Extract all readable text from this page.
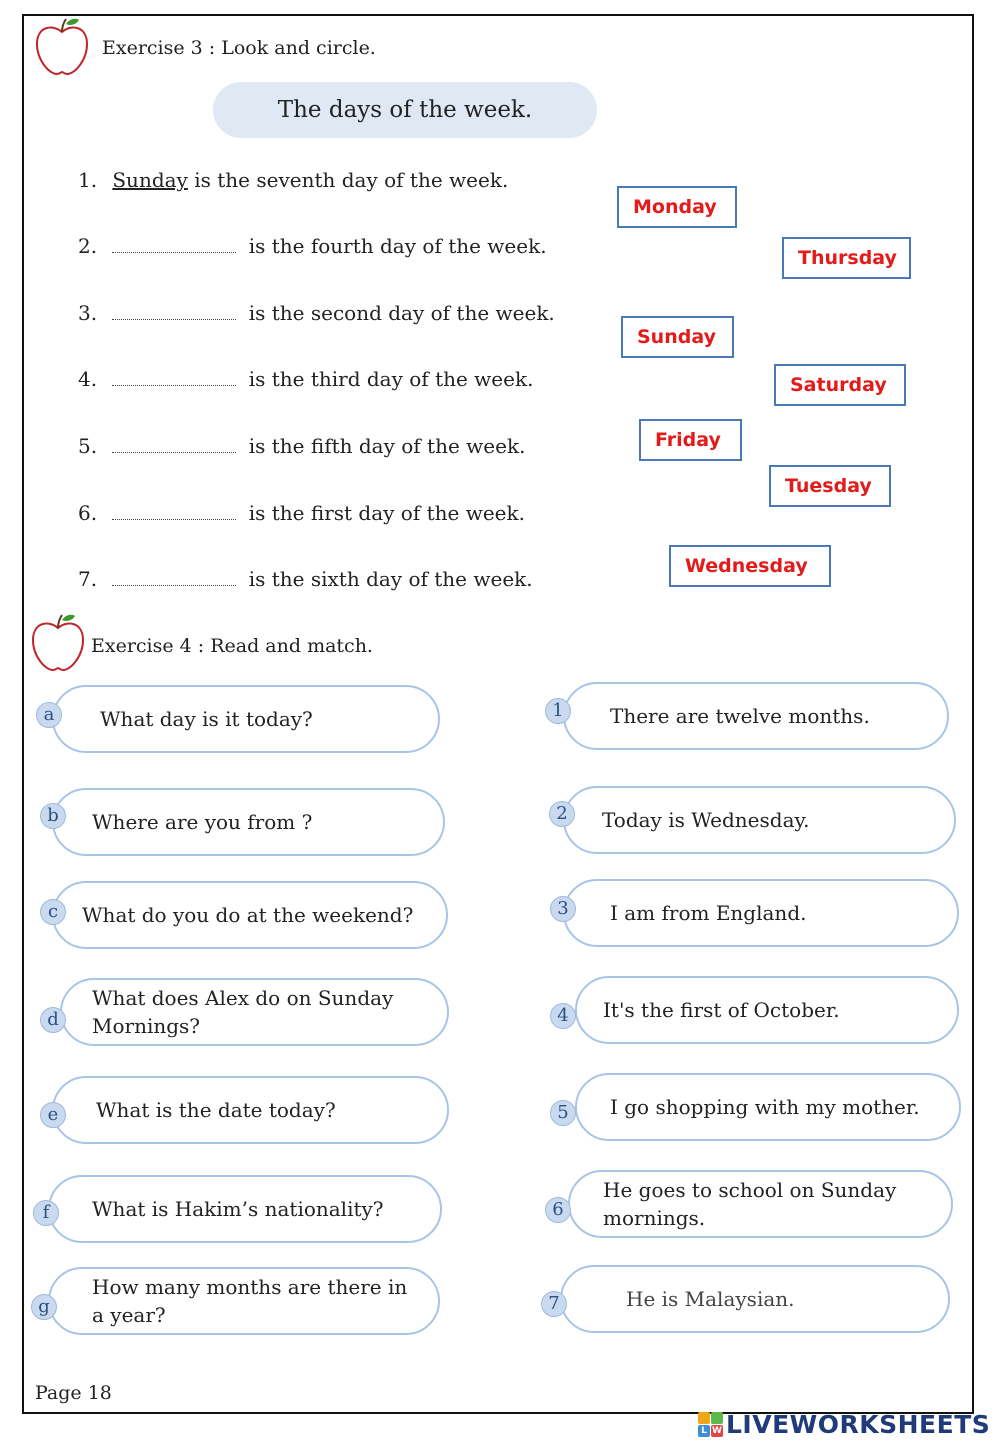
Exercise 3 : Look and circle.
The days of the week.
1. Sunday is the seventh day of the week.
2.	is the fourth day of the week.
3.	is the second day of the week.
4.	is the third day of the week.
5.	is the fifth day of the week.
6.	is the first day of the week.
7.	is the sixth day of the week.
Monday
Thursday
Sunday
Saturday
Friday
Tuesday
Wednesday
Exercise 4 : Read and match.
What day is it today?
a
Where are you from ?
b
What do you do at the weekend?
c
What does Alex do on Sunday Mornings?
d
What is the date today?
e
What is Hakim’s nationality?
f
How many months are there in a year?
g
There are twelve months.
1
Today is Wednesday.
2
I am from England.
3
It's the first of October.
4
I go shopping with my mother.
5
He goes to school on Sunday mornings.
6
He is Malaysian.
7
Page 18
L W LIVEWORKSHEETS
